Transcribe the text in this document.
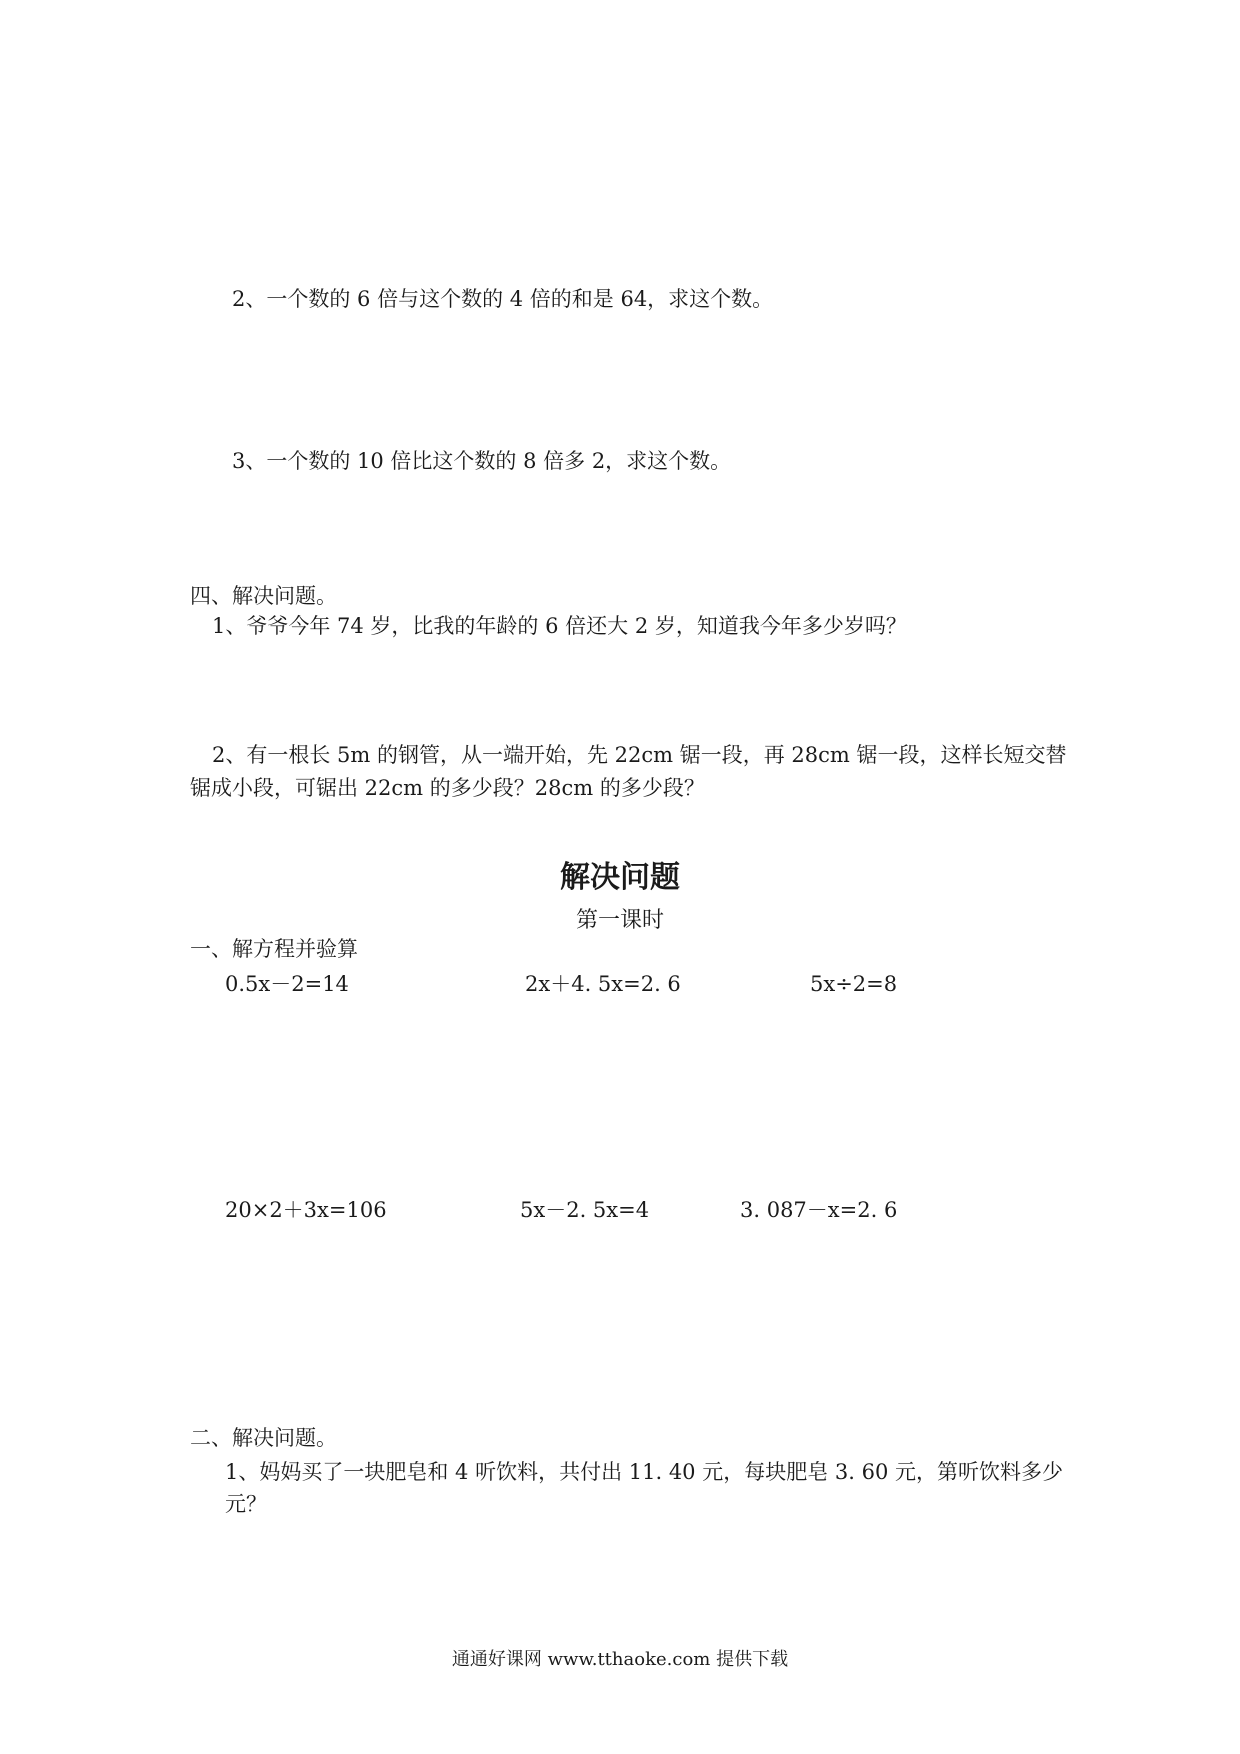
2、一个数的 6 倍与这个数的 4 倍的和是 64，求这个数。
3、一个数的 10 倍比这个数的 8 倍多 2，求这个数。
四、解决问题。
1、爷爷今年 74 岁，比我的年龄的 6 倍还大 2 岁，知道我今年多少岁吗？
2、有一根长 5m 的钢管，从一端开始，先 22cm 锯一段，再 28cm 锯一段，这样长短交替
锯成小段，可锯出 22cm 的多少段？28cm 的多少段？
解决问题
第一课时
一、解方程并验算
0.5x－2=14	2x＋4. 5x=2. 6	5x÷2=8
20×2＋3x=106	5x－2. 5x=4	3. 087－x=2. 6
二、解决问题。
1、妈妈买了一块肥皂和 4 听饮料，共付出 11. 40 元，每块肥皂 3. 60 元，第听饮料多少
元？
通通好课网 www.tthaoke.com 提供下载
